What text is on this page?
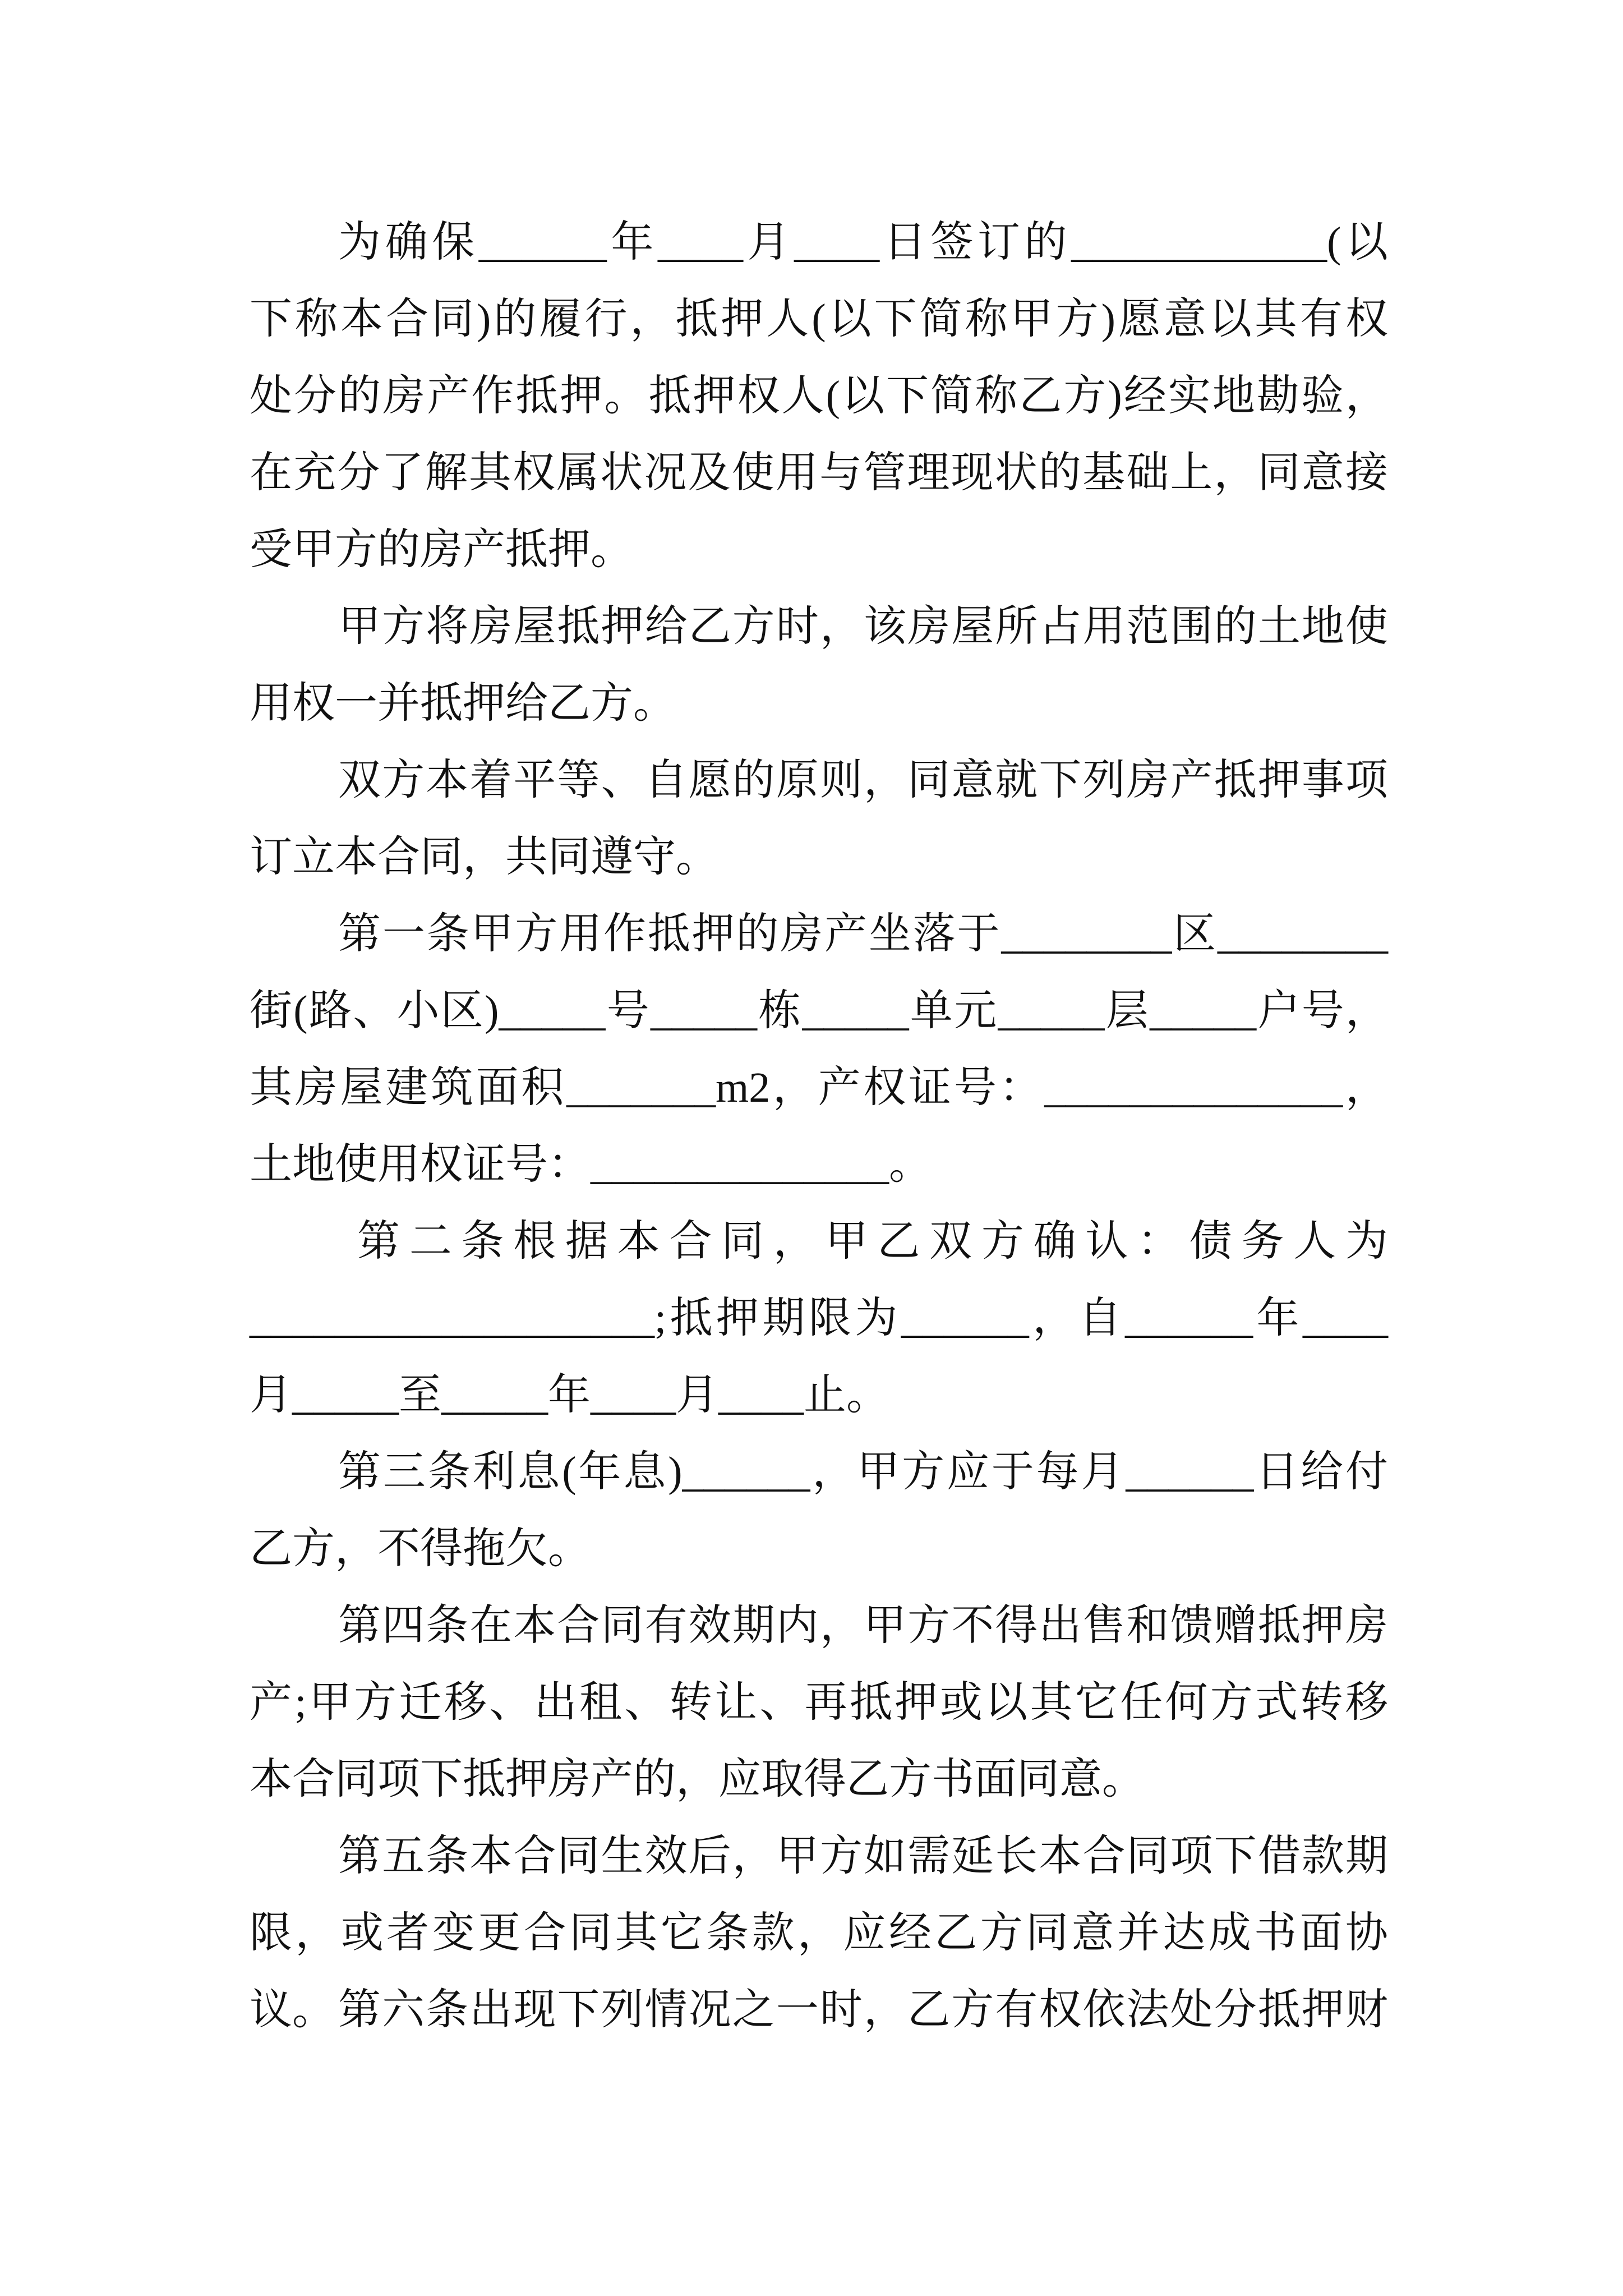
为确保______年____月____日签订的____________(以
下称本合同)的履行，抵押人(以下简称甲方)愿意以其有权
处分的房产作抵押。抵押权人(以下简称乙方)经实地勘验，
在充分了解其权属状况及使用与管理现状的基础上，同意接
受甲方的房产抵押。
甲方将房屋抵押给乙方时，该房屋所占用范围的土地使
用权一并抵押给乙方。
双方本着平等、自愿的原则，同意就下列房产抵押事项
订立本合同，共同遵守。
第一条甲方用作抵押的房产坐落于________区________
街(路、小区)_____号_____栋_____单元_____层_____户号，
其房屋建筑面积_______m2，产权证号：______________，
土地使用权证号：______________。
第二条根据本合同，甲乙双方确认：债务人为
___________________;抵押期限为______，自______年____
月_____至_____年____月____止。
第三条利息(年息)______，甲方应于每月______日给付
乙方，不得拖欠。
第四条在本合同有效期内，甲方不得出售和馈赠抵押房
产;甲方迁移、出租、转让、再抵押或以其它任何方式转移
本合同项下抵押房产的，应取得乙方书面同意。
第五条本合同生效后，甲方如需延长本合同项下借款期
限，或者变更合同其它条款，应经乙方同意并达成书面协议。 第六条出现下列情况之一时，乙方有权依法处分抵押财
